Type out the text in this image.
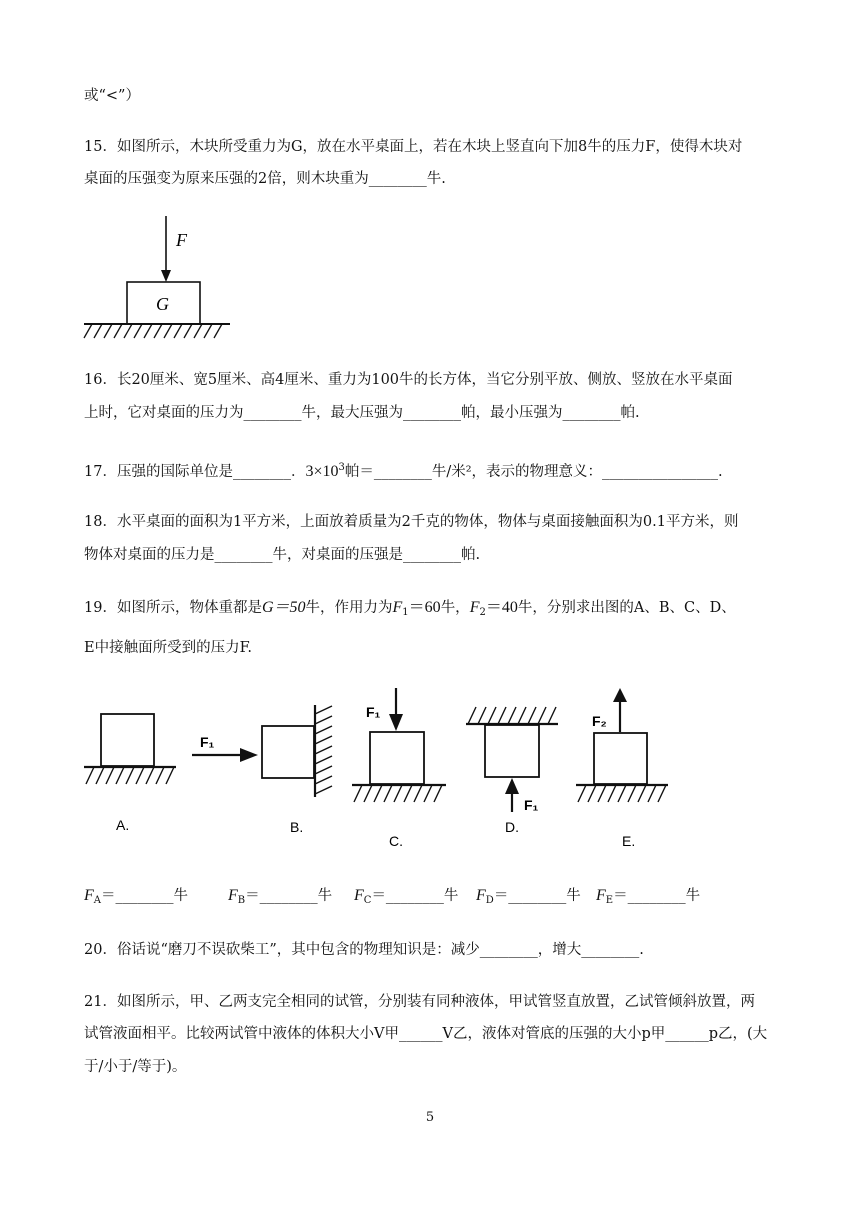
或“<”）
15．如图所示，木块所受重力为G，放在水平桌面上，若在木块上竖直向下加8牛的压力F，使得木块对
桌面的压强变为原来压强的2倍，则木块重为________牛.
F
G
16．长20厘米、宽5厘米、高4厘米、重力为100牛的长方体，当它分别平放、侧放、竖放在水平桌面
上时，它对桌面的压力为________牛，最大压强为________帕，最小压强为________帕.
17．压强的国际单位是________．$3\times 10^3$帕＝________牛/米²，表示的物理意义：________________.
18．水平桌面的面积为1平方米，上面放着质量为2千克的物体，物体与桌面接触面积为0.1平方米，则
物体对桌面的压力是________牛，对桌面的压强是________帕.
19．如图所示，物体重都是G＝50牛，作用力为$F_1=60$牛，$F_2=40$牛，分别求出图的A、B、C、D、
E中接触面所受到的压力F.
A.
F₁
B.
F₁
C.
F₁
D.
F₂
E.
$F_A=\_\_\_\_\_\_\_\_$牛 $F_B=\_\_\_\_\_\_\_\_$牛 $F_C=\_\_\_\_\_\_\_\_$牛 $F_D=\_\_\_\_\_\_\_\_$牛 $F_E=\_\_\_\_\_\_\_\_$牛
20．俗话说“磨刀不误砍柴工”，其中包含的物理知识是：减少________，增大________.
21．如图所示，甲、乙两支完全相同的试管，分别装有同种液体，甲试管竖直放置，乙试管倾斜放置，两
试管液面相平。比较两试管中液体的体积大小V甲______V乙，液体对管底的压强的大小p甲______p乙，(大
于/小于/等于)。
5
